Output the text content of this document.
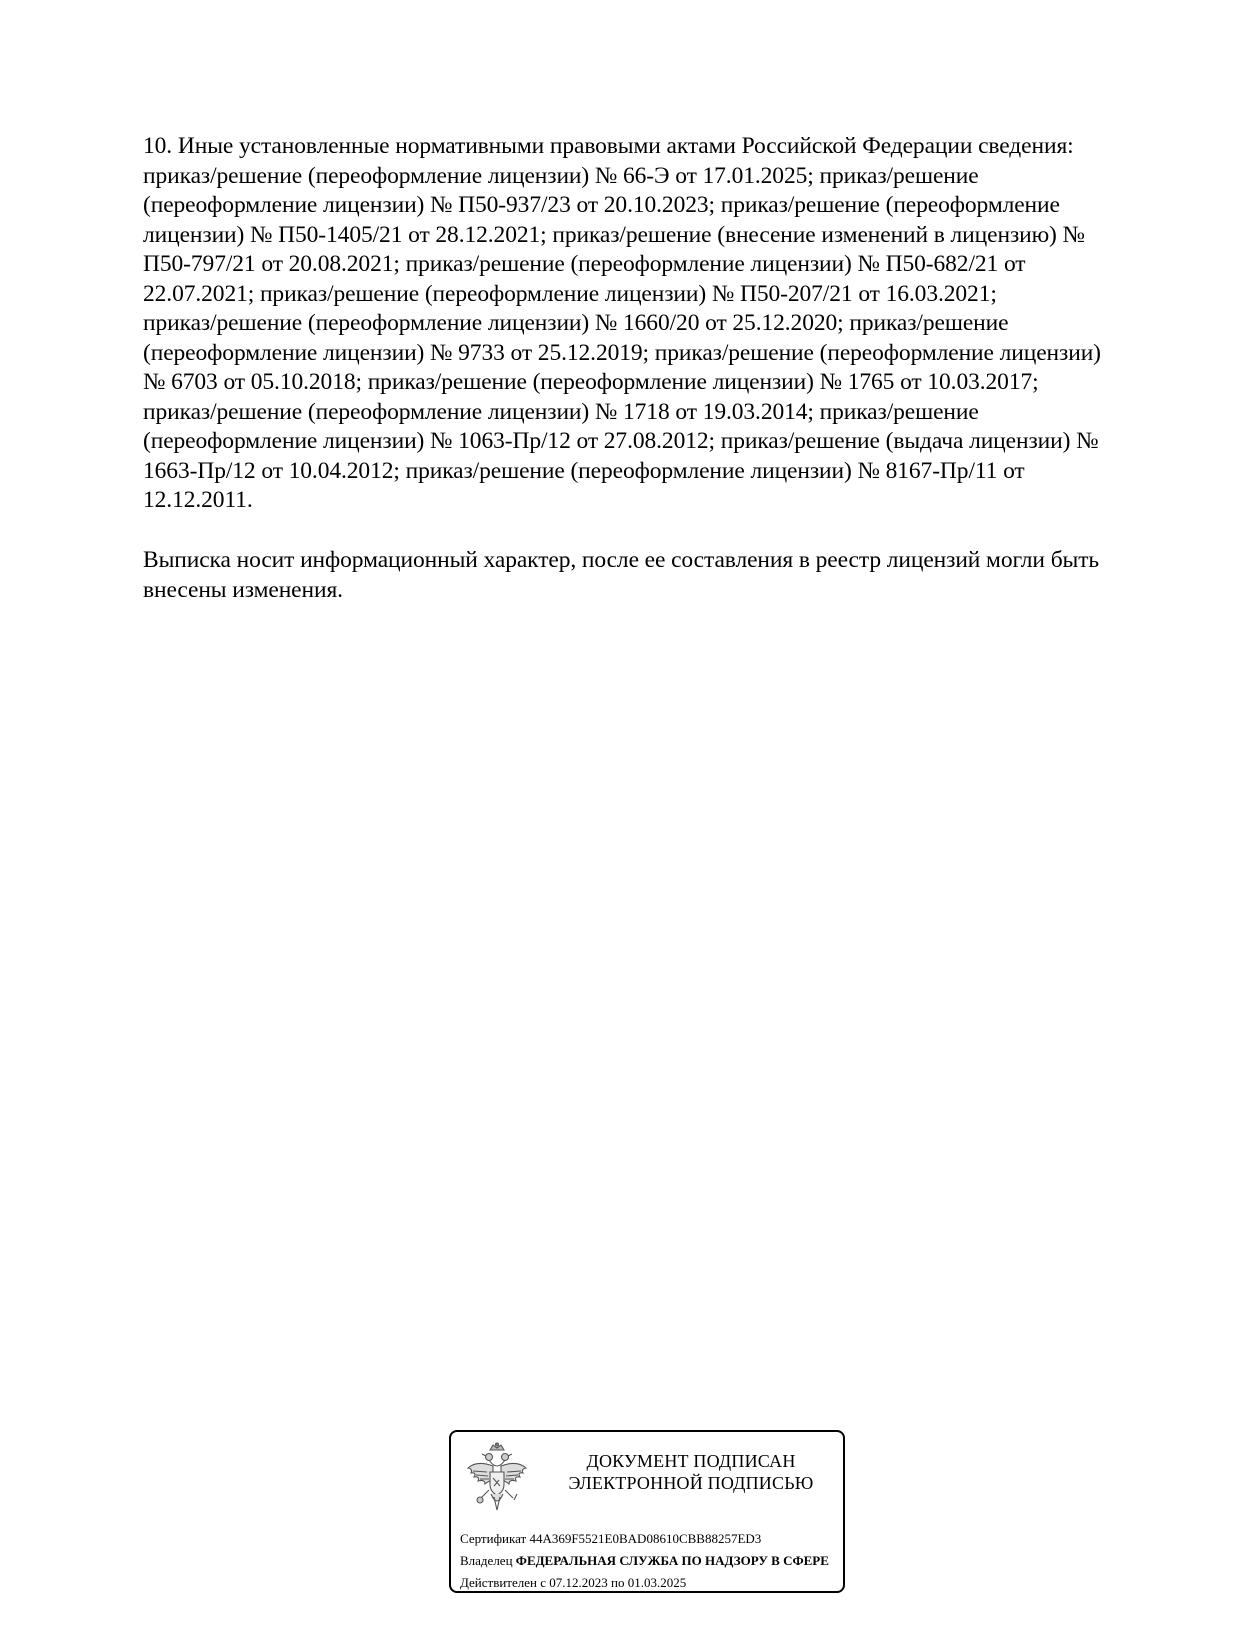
10. Иные установленные нормативными правовыми актами Российской Федерации сведения:
приказ/решение (переоформление лицензии) № 66-Э от 17.01.2025; приказ/решение
(переоформление лицензии) № П50-937/23 от 20.10.2023; приказ/решение (переоформление
лицензии) № П50-1405/21 от 28.12.2021; приказ/решение (внесение изменений в лицензию) №
П50-797/21 от 20.08.2021; приказ/решение (переоформление лицензии) № П50-682/21 от
22.07.2021; приказ/решение (переоформление лицензии) № П50-207/21 от 16.03.2021;
приказ/решение (переоформление лицензии) № 1660/20 от 25.12.2020; приказ/решение
(переоформление лицензии) № 9733 от 25.12.2019; приказ/решение (переоформление лицензии)
№ 6703 от 05.10.2018; приказ/решение (переоформление лицензии) № 1765 от 10.03.2017;
приказ/решение (переоформление лицензии) № 1718 от 19.03.2014; приказ/решение
(переоформление лицензии) № 1063-Пр/12 от 27.08.2012; приказ/решение (выдача лицензии) №
1663-Пр/12 от 10.04.2012; приказ/решение (переоформление лицензии) № 8167-Пр/11 от
12.12.2011.
Выписка носит информационный характер, после ее составления в реестр лицензий могли быть
внесены изменения.
ДОКУМЕНТ ПОДПИСАН
ЭЛЕКТРОННОЙ ПОДПИСЬЮ
Сертификат 44A369F5521E0BAD08610CBB88257ED3
Владелец ФЕДЕРАЛЬНАЯ СЛУЖБА ПО НАДЗОРУ В СФЕРЕ
Действителен с 07.12.2023 по 01.03.2025
